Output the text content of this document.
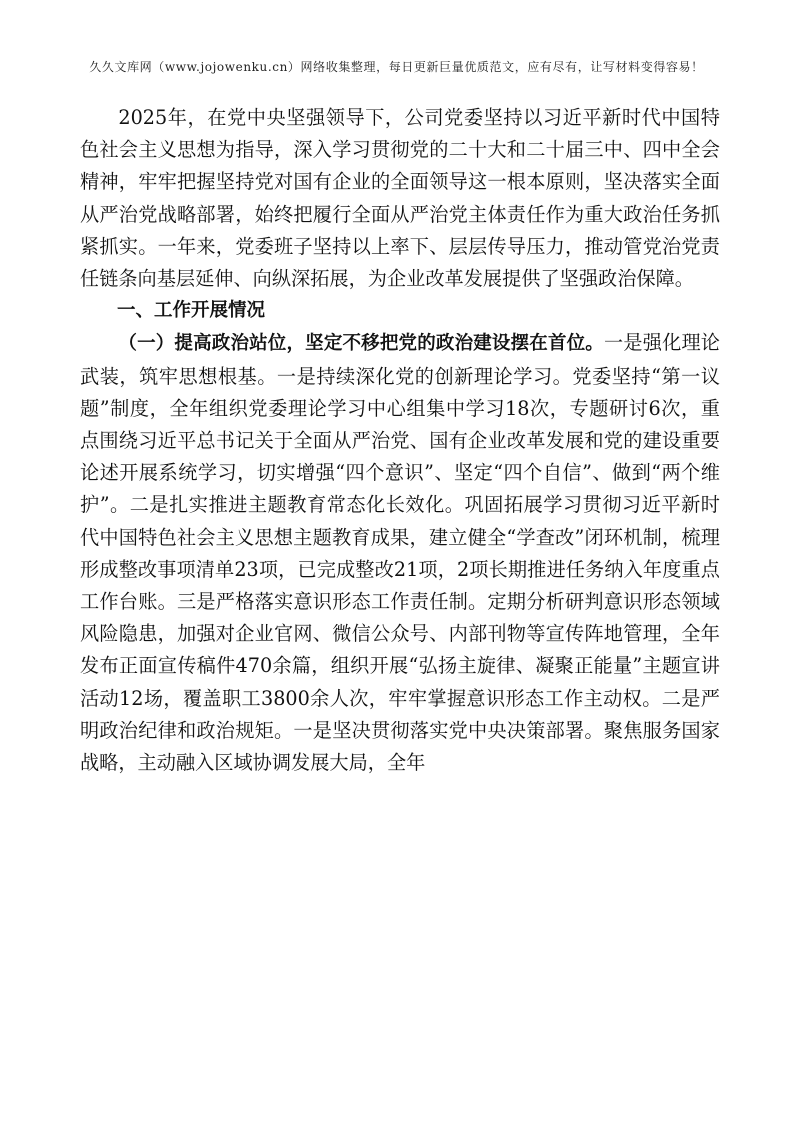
久久文库网（www.jojowenku.cn）网络收集整理，每日更新巨量优质范文，应有尽有，让写材料变得容易！

2025年，在党中央坚强领导下，公司党委坚持以习近平新时代中国特色社会主义思想为指导，深入学习贯彻党的二十大和二十届三中、四中全会精神，牢牢把握坚持党对国有企业的全面领导这一根本原则，坚决落实全面从严治党战略部署，始终把履行全面从严治党主体责任作为重大政治任务抓紧抓实。一年来，党委班子坚持以上率下、层层传导压力，推动管党治党责任链条向基层延伸、向纵深拓展，为企业改革发展提供了坚强政治保障。

一、工作开展情况

（一）提高政治站位，坚定不移把党的政治建设摆在首位。一是强化理论武装，筑牢思想根基。一是持续深化党的创新理论学习。党委坚持“第一议题”制度，全年组织党委理论学习中心组集中学习18次，专题研讨6次，重点围绕习近平总书记关于全面从严治党、国有企业改革发展和党的建设重要论述开展系统学习，切实增强“四个意识”、坚定“四个自信”、做到“两个维护”。二是扎实推进主题教育常态化长效化。巩固拓展学习贯彻习近平新时代中国特色社会主义思想主题教育成果，建立健全“学查改”闭环机制，梳理形成整改事项清单23项，已完成整改21项，2项长期推进任务纳入年度重点工作台账。三是严格落实意识形态工作责任制。定期分析研判意识形态领域风险隐患，加强对企业官网、微信公众号、内部刊物等宣传阵地管理，全年发布正面宣传稿件470余篇，组织开展“弘扬主旋律、凝聚正能量”主题宣讲活动12场，覆盖职工3800余人次，牢牢掌握意识形态工作主动权。二是严明政治纪律和政治规矩。一是坚决贯彻落实党中央决策部署。聚焦服务国家战略，主动融入区域协调发展大局，全年
